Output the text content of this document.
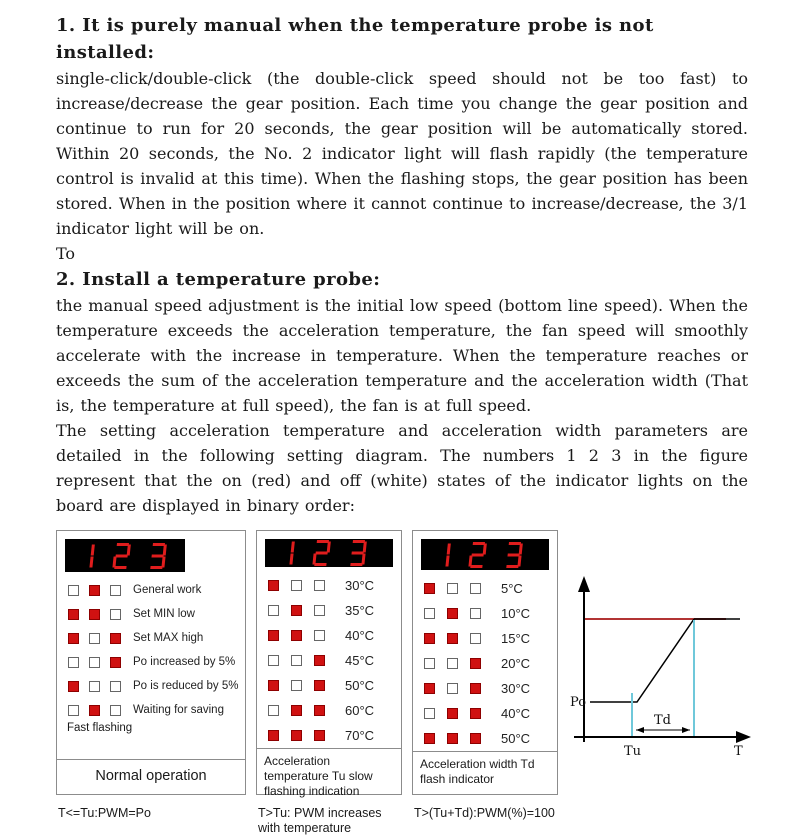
1. It is purely manual when the temperature probe is not installed:

single-click/double-click (the double-click speed should not be too fast) to increase/decrease the gear position. Each time you change the gear position and continue to run for 20 seconds, the gear position will be automatically stored. Within 20 seconds, the No. 2 indicator light will flash rapidly (the temperature control is invalid at this time). When the flashing stops, the gear position has been stored. When in the position where it cannot continue to increase/decrease, the 3/1 indicator light will be on.

To

2. Install a temperature probe:

the manual speed adjustment is the initial low speed (bottom line speed). When the temperature exceeds the acceleration temperature, the fan speed will smoothly accelerate with the increase in temperature. When the temperature reaches or exceeds the sum of the acceleration temperature and the acceleration width (That is, the temperature at full speed), the fan is at full speed.

The setting acceleration temperature and acceleration width parameters are detailed in the following setting diagram. The numbers 1 2 3 in the figure represent that the on (red) and off (white) states of the indicator lights on the board are displayed in binary order:

General work
Set MIN low
Set MAX high
Po increased by 5%
Po is reduced by 5%
Waiting for saving
Fast flashing
Normal operation
T<=Tu:PWM=Po
30°C
35°C
40°C
45°C
50°C
60°C
70°C
Acceleration temperature Tu slow flashing indication
T>Tu: PWM increases with temperature
5°C
10°C
15°C
20°C
30°C
40°C
50°C
Acceleration width Td flash indicator
T>(Tu+Td):PWM(%)=100
Po
Td
Tu	T
